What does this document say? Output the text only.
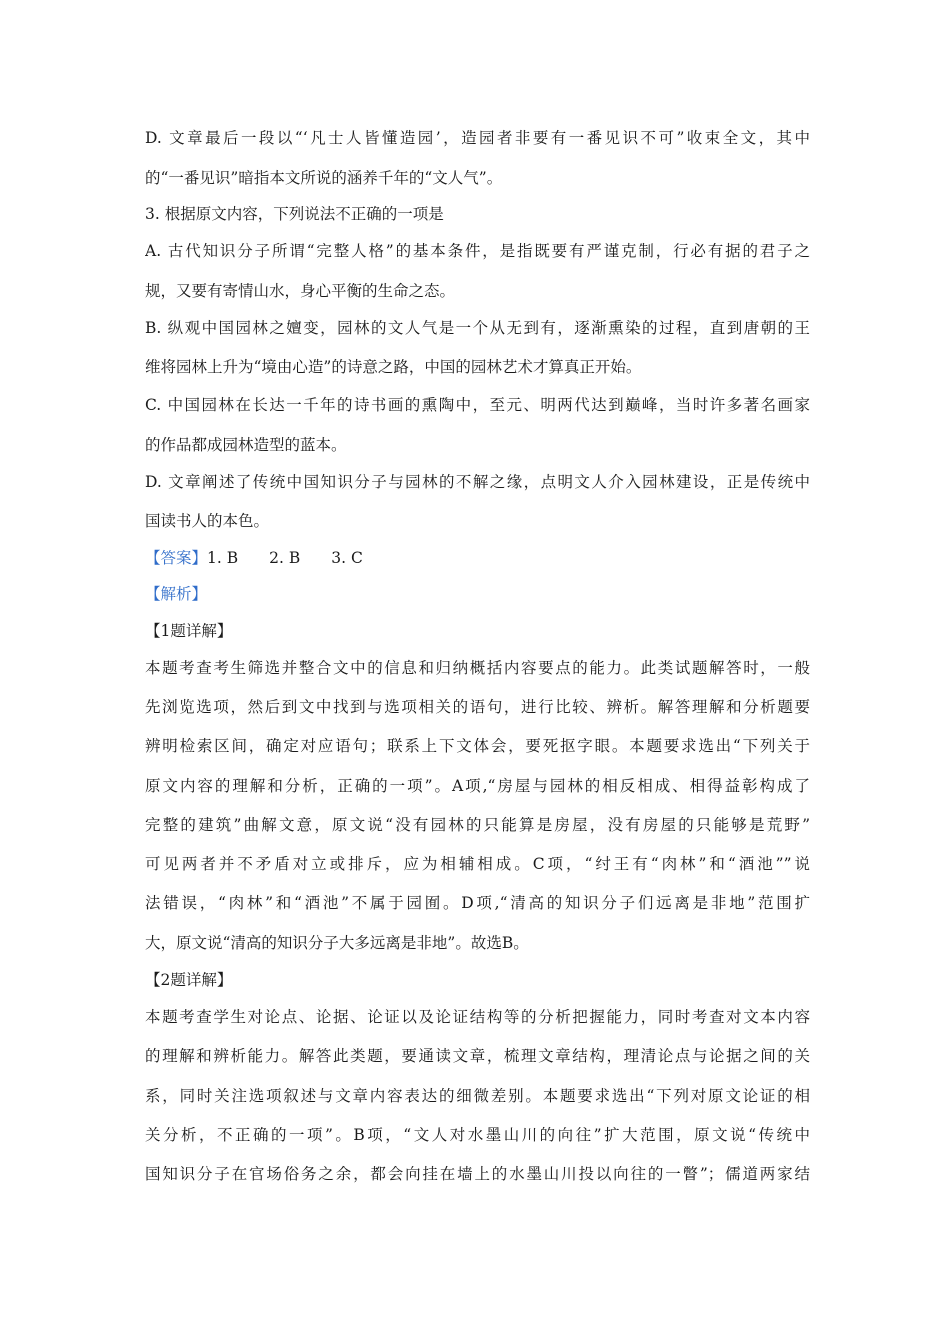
D. 文章最后一段以“‘凡士人皆懂造园’，造园者非要有一番见识不可”收束全文，其中
的“一番见识”暗指本文所说的涵养千年的“文人气”。
3. 根据原文内容，下列说法不正确的一项是
A. 古代知识分子所谓“完整人格”的基本条件，是指既要有严谨克制，行必有据的君子之
规，又要有寄情山水，身心平衡的生命之态。
B. 纵观中国园林之嬗变，园林的文人气是一个从无到有，逐渐熏染的过程，直到唐朝的王
维将园林上升为“境由心造”的诗意之路，中国的园林艺术才算真正开始。
C. 中国园林在长达一千年的诗书画的熏陶中，至元、明两代达到巅峰，当时许多著名画家
的作品都成园林造型的蓝本。
D. 文章阐述了传统中国知识分子与园林的不解之缘，点明文人介入园林建设，正是传统中
国读书人的本色。
【答案】1. B　　2. B　　3. C
【解析】
【1题详解】
本题考查考生筛选并整合文中的信息和归纳概括内容要点的能力。此类试题解答时，一般
先浏览选项，然后到文中找到与选项相关的语句，进行比较、辨析。解答理解和分析题要
辨明检索区间，确定对应语句；联系上下文体会，要死抠字眼。本题要求选出“下列关于
原文内容的理解和分析，正确的一项”。A项,“房屋与园林的相反相成、相得益彰构成了
完整的建筑”曲解文意，原文说“没有园林的只能算是房屋，没有房屋的只能够是荒野”
可见两者并不矛盾对立或排斥，应为相辅相成。C项，“纣王有“肉林”和“酒池””说
法错误，“肉林”和“酒池”不属于园囿。D项,“清高的知识分子们远离是非地”范围扩
大，原文说“清高的知识分子大多远离是非地”。故选B。
【2题详解】
本题考查学生对论点、论据、论证以及论证结构等的分析把握能力，同时考查对文本内容
的理解和辨析能力。解答此类题，要通读文章，梳理文章结构，理清论点与论据之间的关
系，同时关注选项叙述与文章内容表达的细微差别。本题要求选出“下列对原文论证的相
关分析，不正确的一项”。B项，“文人对水墨山川的向往”扩大范围，原文说“传统中
国知识分子在官场俗务之余，都会向挂在墙上的水墨山川投以向往的一瞥”；儒道两家结
